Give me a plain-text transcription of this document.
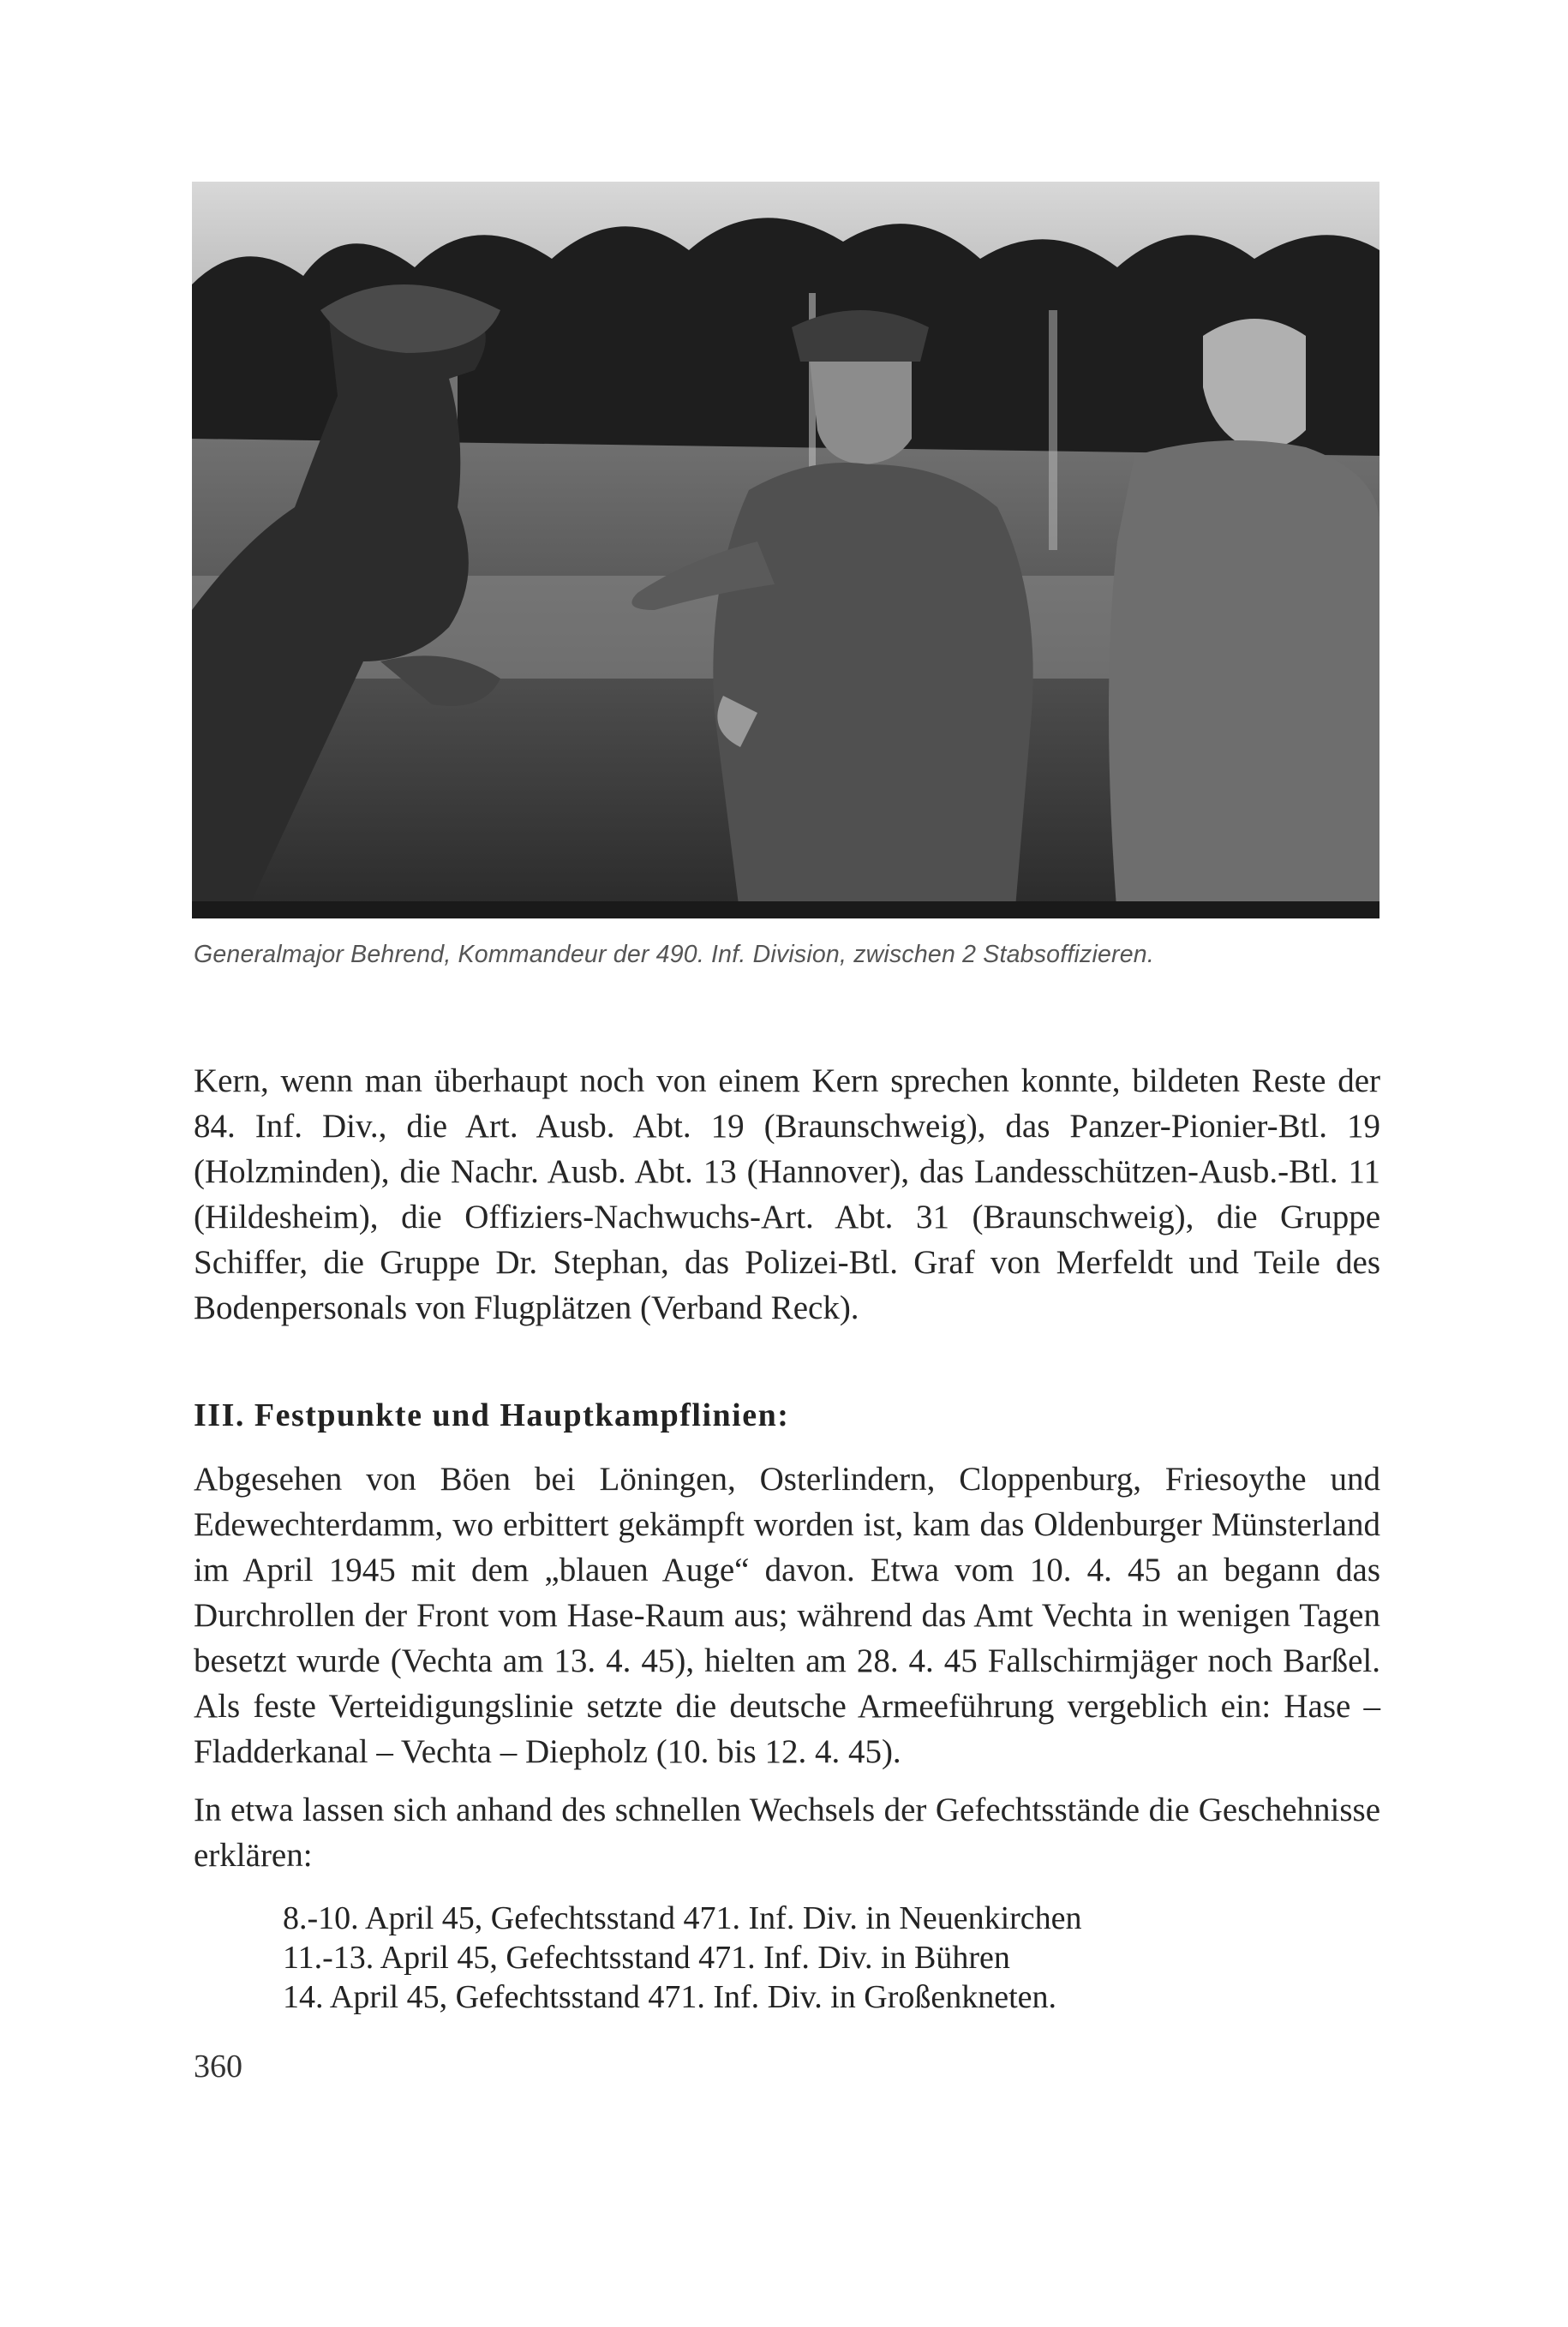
Generalmajor Behrend, Kommandeur der 490. Inf. Division, zwischen 2 Stabsoffizieren.
Kern, wenn man überhaupt noch von einem Kern sprechen konnte, bildeten Reste der 84. Inf. Div., die Art. Ausb. Abt. 19 (Braunschweig), das Panzer-Pionier-Btl. 19 (Holzminden), die Nachr. Ausb. Abt. 13 (Hannover), das Landesschützen-Ausb.-Btl. 11 (Hildesheim), die Offiziers-Nachwuchs-Art. Abt. 31 (Braunschweig), die Gruppe Schiffer, die Gruppe Dr. Stephan, das Polizei-Btl. Graf von Merfeldt und Teile des Bodenpersonals von Flugplätzen (Verband Reck).
III. Festpunkte und Hauptkampflinien:
Abgesehen von Böen bei Löningen, Osterlindern, Cloppenburg, Friesoythe und Edewechterdamm, wo erbittert gekämpft worden ist, kam das Oldenburger Münsterland im April 1945 mit dem „blauen Auge“ davon. Etwa vom 10. 4. 45 an begann das Durchrollen der Front vom Hase-Raum aus; während das Amt Vechta in wenigen Tagen besetzt wurde (Vechta am 13. 4. 45), hielten am 28. 4. 45 Fallschirmjäger noch Barßel. Als feste Verteidigungslinie setzte die deutsche Armeeführung vergeblich ein: Hase – Fladderkanal – Vechta – Diepholz (10. bis 12. 4. 45).
In etwa lassen sich anhand des schnellen Wechsels der Gefechtsstände die Geschehnisse erklären:
8.-10. April 45, Gefechtsstand 471. Inf. Div. in Neuenkirchen
11.-13. April 45, Gefechtsstand 471. Inf. Div. in Bühren
14. April 45, Gefechtsstand 471. Inf. Div. in Großenkneten.
360
